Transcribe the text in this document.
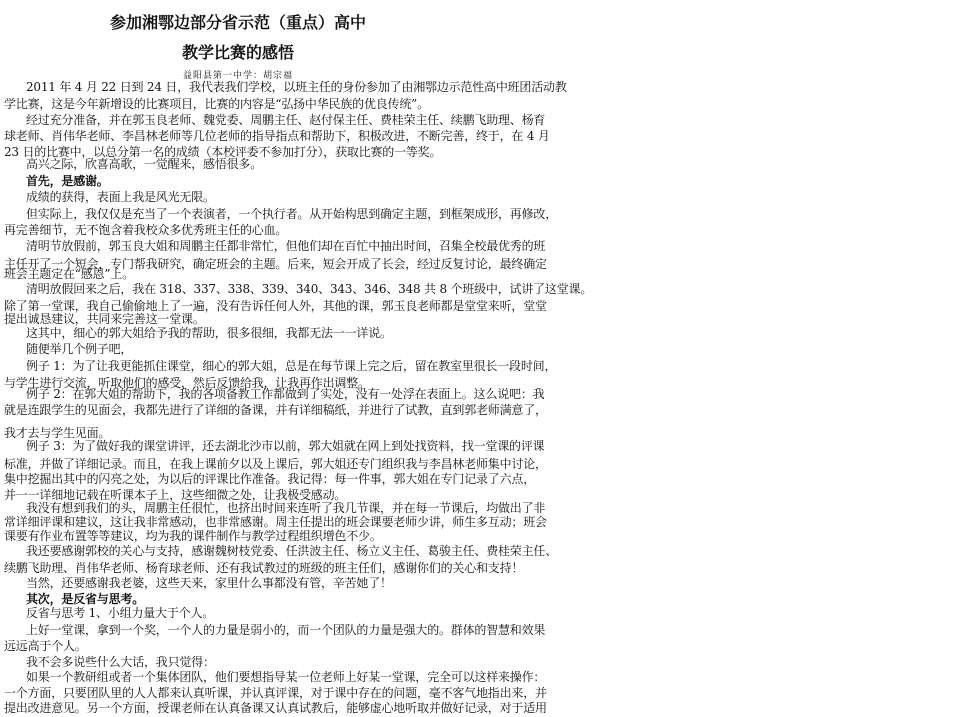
参加湘鄂边部分省示范（重点）高中
教学比赛的感悟
益阳县第一中学：胡宗福
2011 年 4 月 22 日到 24 日，我代表我们学校，以班主任的身份参加了由湘鄂边示范性高中班团活动教
学比赛，这是今年新增设的比赛项目，比赛的内容是“弘扬中华民族的优良传统”。
经过充分准备，并在郭玉良老师、魏党委、周鹏主任、赵付保主任、费桂荣主任、续鹏飞助理、杨育
球老师、肖伟华老师、李昌林老师等几位老师的指导指点和帮助下，积极改进，不断完善，终于，在 4 月
23 日的比赛中，以总分第一名的成绩（本校评委不参加打分），获取比赛的一等奖。
高兴之际，欣喜高歌，一觉醒来，感悟很多。
首先，是感谢。
成绩的获得，表面上我是风光无限。
但实际上，我仅仅是充当了一个表演者，一个执行者。从开始构思到确定主题，到框架成形，再修改，
再完善细节，无不饱含着我校众多优秀班主任的心血。
清明节放假前，郭玉良大姐和周鹏主任都非常忙，但他们却在百忙中抽出时间，召集全校最优秀的班
主任开了一个短会，专门帮我研究，确定班会的主题。后来，短会开成了长会，经过反复讨论，最终确定
班会主题定在“感恩”上。
清明放假回来之后，我在 318、337、338、339、340、343、346、348 共 8 个班级中，试讲了这堂课。
除了第一堂课，我自己偷偷地上了一遍，没有告诉任何人外，其他的课，郭玉良老师都是堂堂来听，堂堂
提出诚恳建议，共同来完善这一堂课。
这其中，细心的郭大姐给予我的帮助，很多很细，我都无法一一详说。
随便举几个例子吧，
例子 1：为了让我更能抓住课堂，细心的郭大姐，总是在每节课上完之后，留在教室里很长一段时间，
与学生进行交流，听取他们的感受，然后反馈给我，让我再作出调整。
例子 2：在郭大姐的帮助下，我的各项备教工作都做到了实处，没有一处浮在表面上。这么说吧：我
就是连跟学生的见面会，我都先进行了详细的备课，并有详细稿纸，并进行了试教，直到郭老师满意了，
我才去与学生见面。
例子 3：为了做好我的课堂讲评，还去湖北沙市以前，郭大姐就在网上到处找资料，找一堂课的评课
标准，并做了详细记录。而且，在我上课前夕以及上课后，郭大姐还专门组织我与李昌林老师集中讨论，
集中挖掘出其中的闪亮之处，为以后的评课比作准备。我记得：每一件事，郭大姐在专门记录了六点，
并一一详细地记载在听课本子上，这些细微之处，让我极受感动。
我没有想到我们的头，周鹏主任很忙，也挤出时间来连听了我几节课，并在每一节课后，均做出了非
常详细评课和建议，这让我非常感动，也非常感谢。周主任提出的班会课要老师少讲，师生多互动；班会
课要有作业布置等等建议，均为我的课件制作与教学过程组织增色不少。
我还要感谢郭校的关心与支持，感谢魏树枝党委、任洪波主任、杨立义主任、葛骏主任、费桂荣主任、
续鹏飞助理、肖伟华老师、杨育球老师、还有我试教过的班级的班主任们，感谢你们的关心和支持！
当然，还要感谢我老婆，这些天来，家里什么事都没有管，辛苦她了！
其次，是反省与思考。
反省与思考 1、小组力量大于个人。
上好一堂课，拿到一个奖，一个人的力量是弱小的，而一个团队的力量是强大的。群体的智慧和效果
远远高于个人。
我不会多说些什么大话，我只觉得：
如果一个教研组或者一个集体团队，他们要想指导某一位老师上好某一堂课，完全可以这样来操作：
一个方面，只要团队里的人人都来认真听课，并认真评课，对于课中存在的问题，毫不客气地指出来，并
提出改进意见。另一个方面，授课老师在认真备课又认真试教后，能够虚心地听取并做好记录，对于适用
